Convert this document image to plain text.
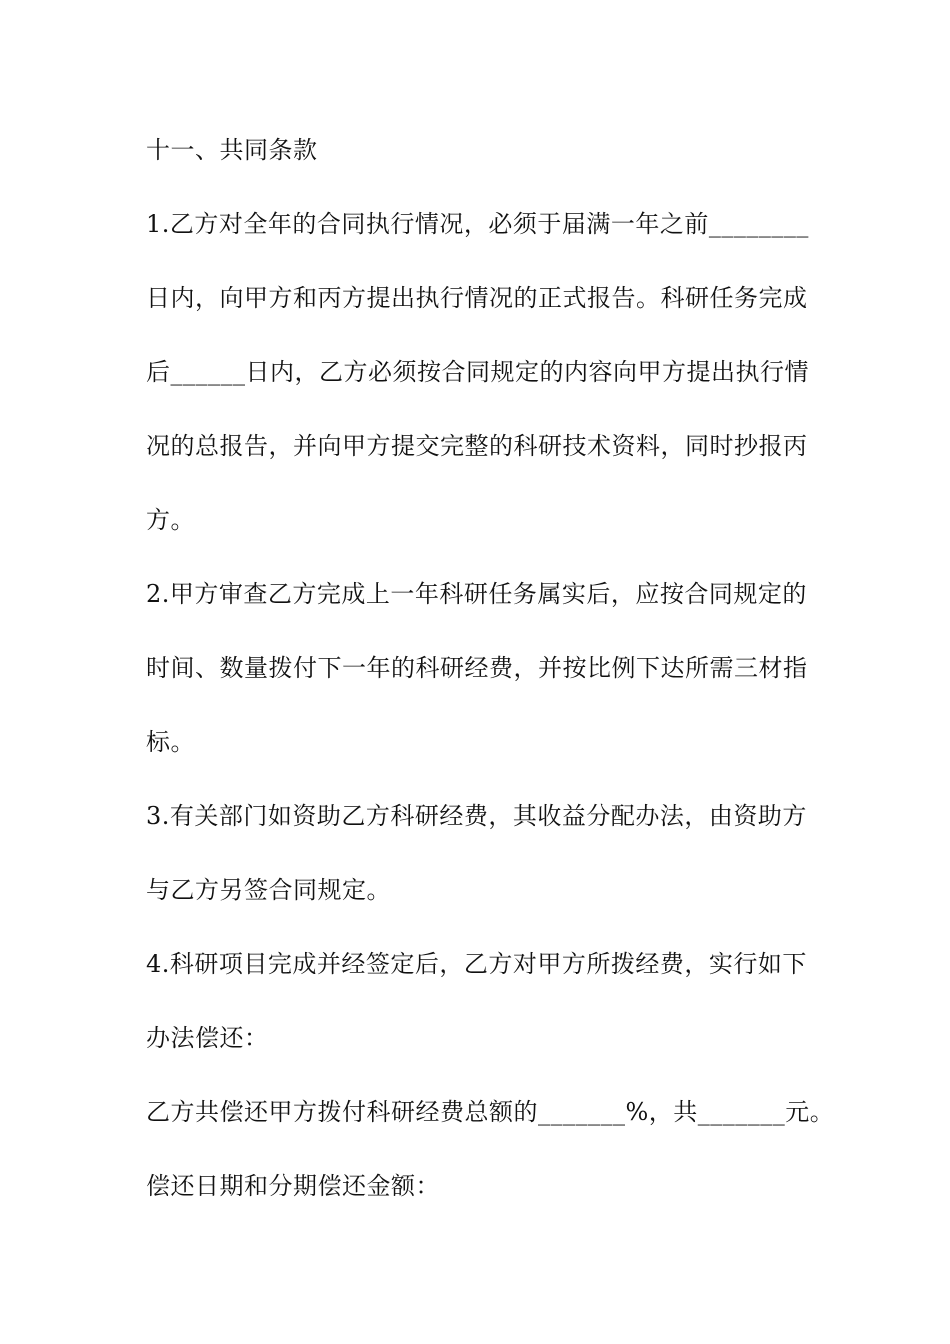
十一、共同条款
1.乙方对全年的合同执行情况，必须于届满一年之前________
日内，向甲方和丙方提出执行情况的正式报告。科研任务完成
后______日内，乙方必须按合同规定的内容向甲方提出执行情
况的总报告，并向甲方提交完整的科研技术资料，同时抄报丙
方。
2.甲方审查乙方完成上一年科研任务属实后，应按合同规定的
时间、数量拨付下一年的科研经费，并按比例下达所需三材指
标。
3.有关部门如资助乙方科研经费，其收益分配办法，由资助方
与乙方另签合同规定。
4.科研项目完成并经签定后，乙方对甲方所拨经费，实行如下
办法偿还：
乙方共偿还甲方拨付科研经费总额的_______%，共_______元。
偿还日期和分期偿还金额：
